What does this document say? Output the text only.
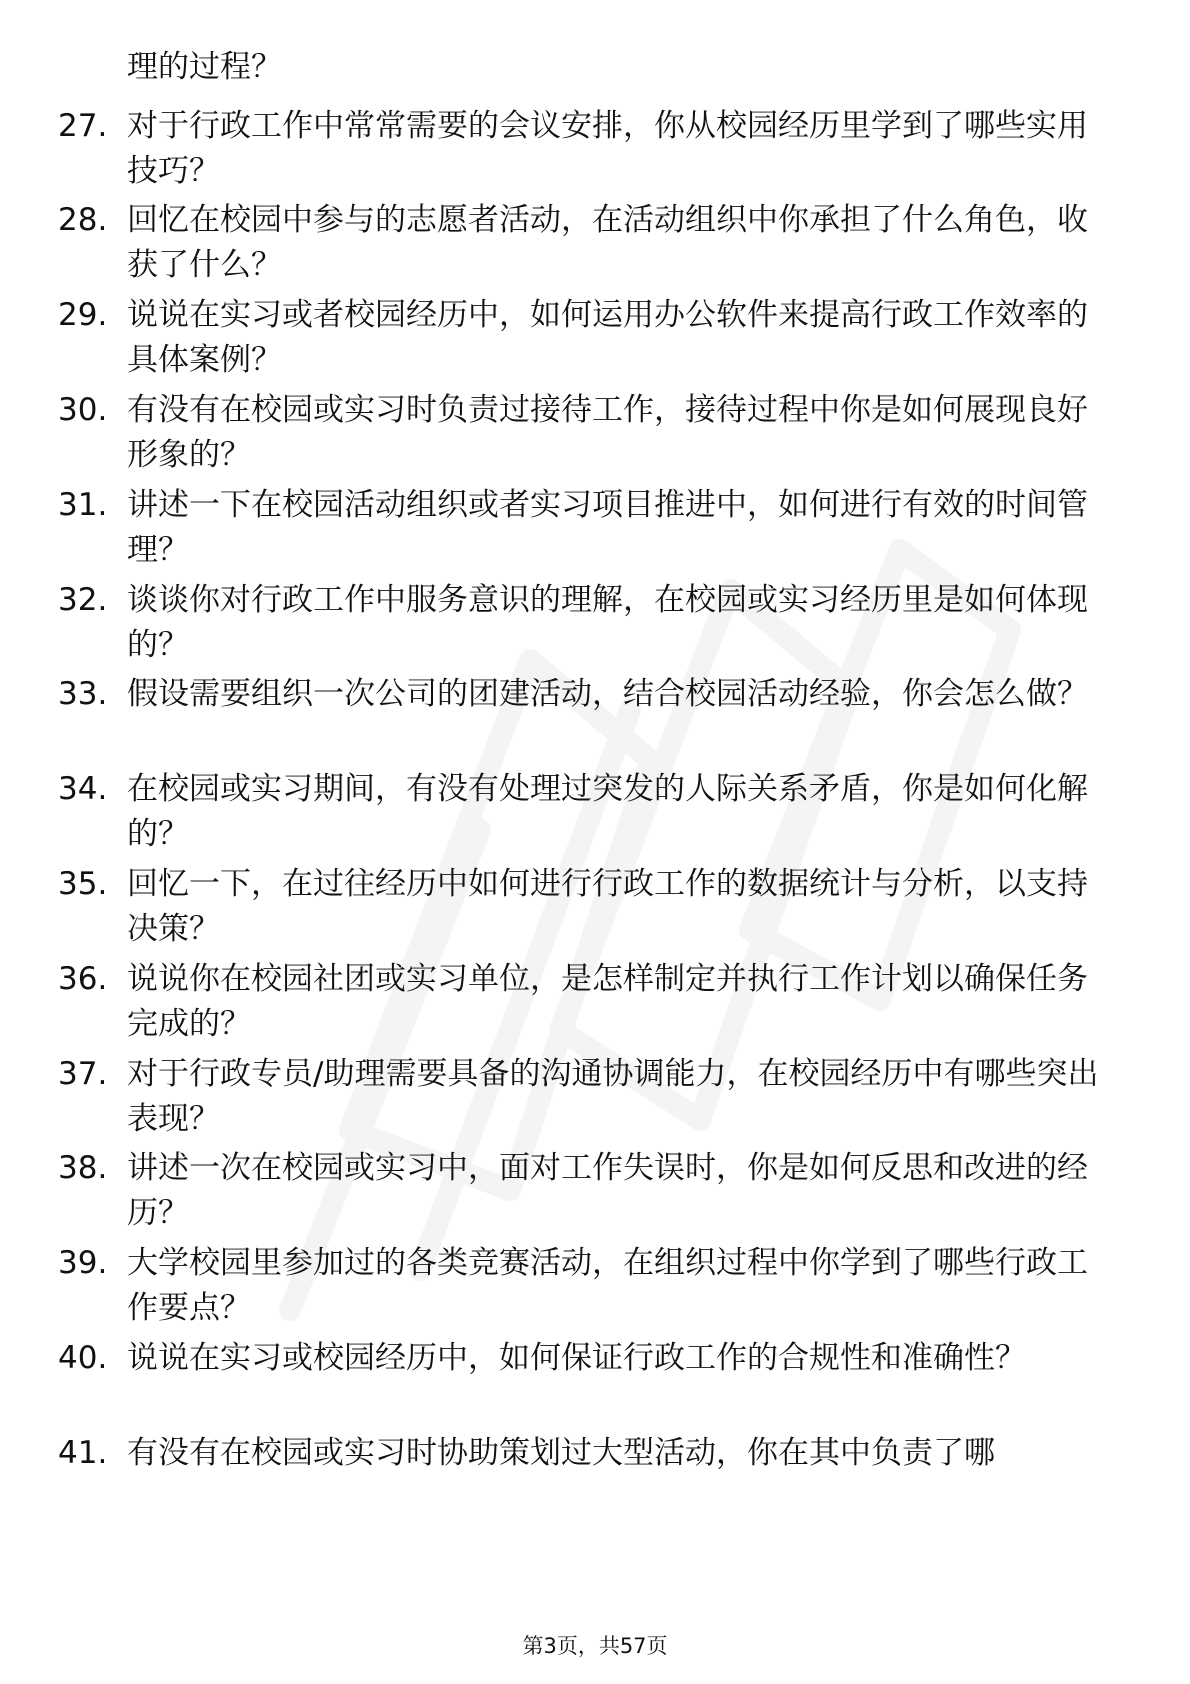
理的过程？
27. 对于行政工作中常常需要的会议安排，你从校园经历里学到了哪些实用技巧？
28. 回忆在校园中参与的志愿者活动，在活动组织中你承担了什么角色，收获了什么？
29. 说说在实习或者校园经历中，如何运用办公软件来提高行政工作效率的具体案例？
30. 有没有在校园或实习时负责过接待工作，接待过程中你是如何展现良好形象的？
31. 讲述一下在校园活动组织或者实习项目推进中，如何进行有效的时间管理？
32. 谈谈你对行政工作中服务意识的理解，在校园或实习经历里是如何体现的？
33. 假设需要组织一次公司的团建活动，结合校园活动经验，你会怎么做？
34. 在校园或实习期间，有没有处理过突发的人际关系矛盾，你是如何化解的？
35. 回忆一下，在过往经历中如何进行行政工作的数据统计与分析，以支持决策？
36. 说说你在校园社团或实习单位，是怎样制定并执行工作计划以确保任务完成的？
37. 对于行政专员/助理需要具备的沟通协调能力，在校园经历中有哪些突出表现？
38. 讲述一次在校园或实习中，面对工作失误时，你是如何反思和改进的经历？
39. 大学校园里参加过的各类竞赛活动，在组织过程中你学到了哪些行政工作要点？
40. 说说在实习或校园经历中，如何保证行政工作的合规性和准确性？
41. 有没有在校园或实习时协助策划过大型活动，你在其中负责了哪
第3页，共57页
